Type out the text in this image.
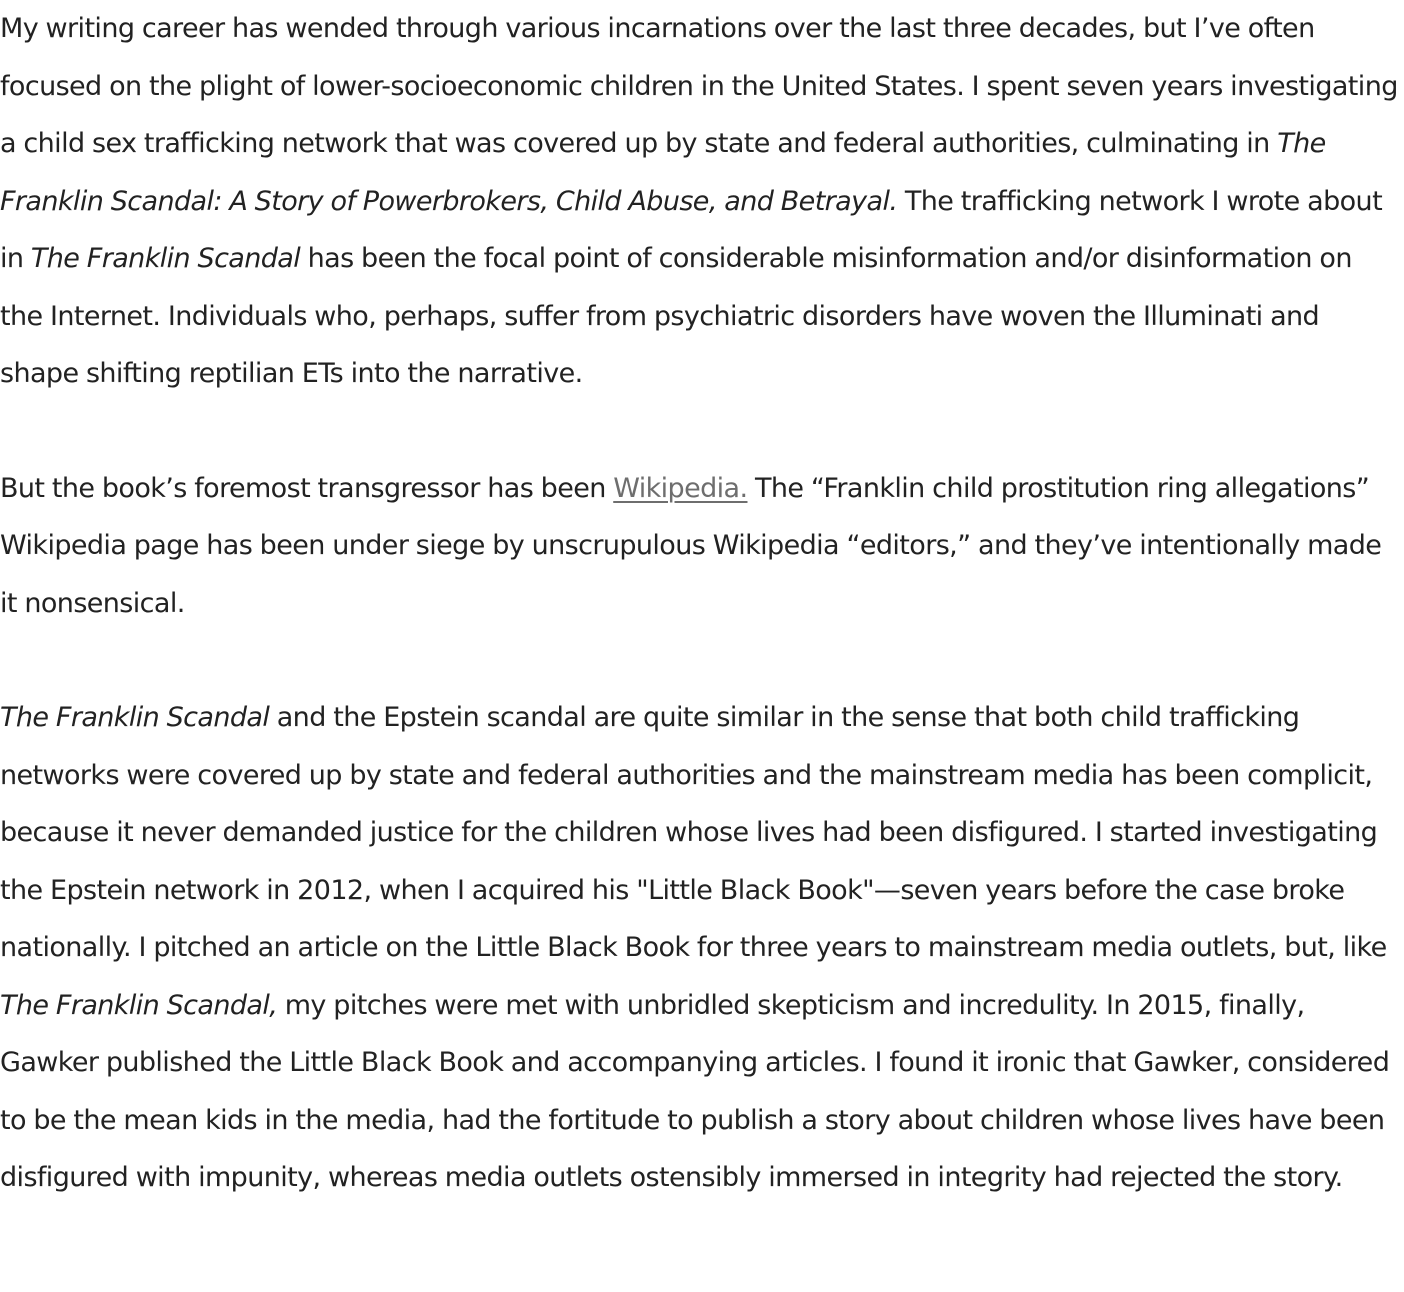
My writing career has wended through various incarnations over the last three decades, but I’ve often focused on the plight of lower-socioeconomic children in the United States. I spent seven years investigating a child sex trafficking network that was covered up by state and federal authorities, culminating in The Franklin Scandal: A Story of Powerbrokers, Child Abuse, and Betrayal. The trafficking network I wrote about in The Franklin Scandal has been the focal point of considerable misinformation and/or disinformation on the Internet. Individuals who, perhaps, suffer from psychiatric disorders have woven the Illuminati and shape shifting reptilian ETs into the narrative.

But the book’s foremost transgressor has been Wikipedia. The “Franklin child prostitution ring allegations” Wikipedia page has been under siege by unscrupulous Wikipedia “editors,” and they’ve intentionally made it nonsensical.

The Franklin Scandal and the Epstein scandal are quite similar in the sense that both child trafficking networks were covered up by state and federal authorities and the mainstream media has been complicit, because it never demanded justice for the children whose lives had been disfigured. I started investigating the Epstein network in 2012, when I acquired his "Little Black Book"—seven years before the case broke nationally. I pitched an article on the Little Black Book for three years to mainstream media outlets, but, like The Franklin Scandal, my pitches were met with unbridled skepticism and incredulity. In 2015, finally, Gawker published the Little Black Book and accompanying articles. I found it ironic that Gawker, considered to be the mean kids in the media, had the fortitude to publish a story about children whose lives have been disfigured with impunity, whereas media outlets ostensibly immersed in integrity had rejected the story.
